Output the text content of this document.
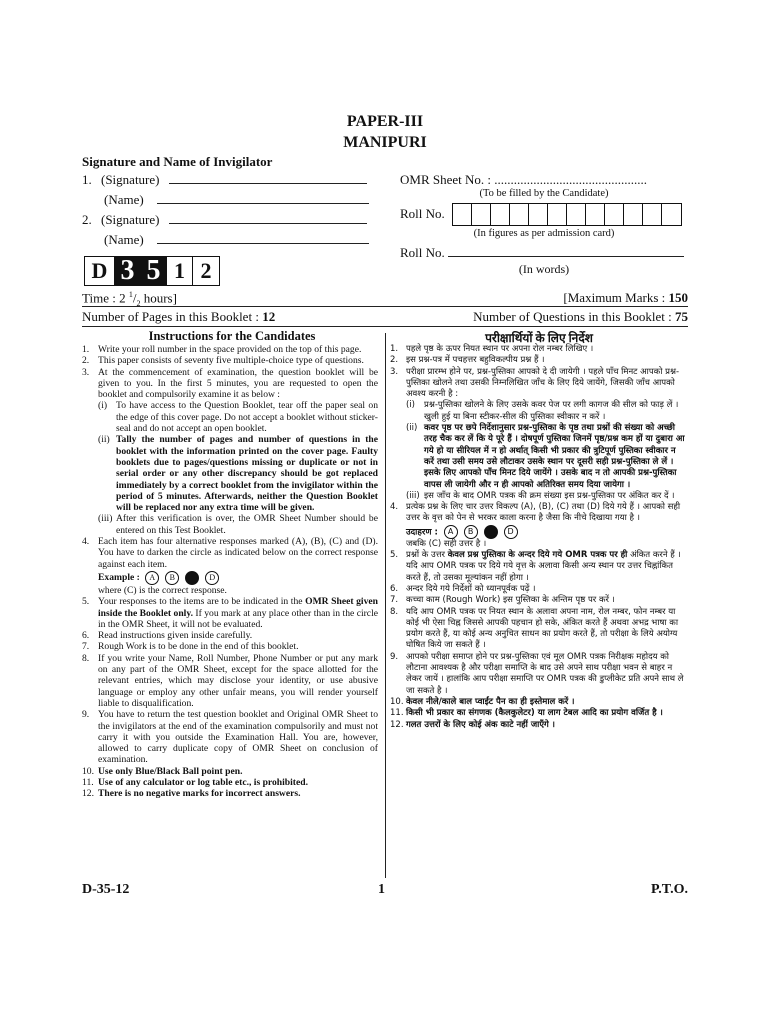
PAPER-III
MANIPURI
Signature and Name of Invigilator
1. (Signature)
(Name)
2. (Signature)
(Name)
OMR Sheet No. : ...............................................
(To be filled by the Candidate)
Roll No.
(In figures as per admission card)
Roll No.
(In words)
D 3 5 1 2
Time : 2 $^1/_2$ hours]	[Maximum Marks : 150
Number of Pages in this Booklet : 12	Number of Questions in this Booklet : 75
Instructions for the Candidates	परीक्षार्थियों के लिए निर्देश
1. Write your roll number in the space provided on the top of this page.
2. This paper consists of seventy five multiple-choice type of questions.
3. At the commencement of examination, the question booklet will be given to you. In the first 5 minutes, you are requested to open the booklet and compulsorily examine it as below :
(i) To have access to the Question Booklet, tear off the paper seal on the edge of this cover page. Do not accept a booklet without sticker-seal and do not accept an open booklet.
(ii) Tally the number of pages and number of questions in the booklet with the information printed on the cover page. Faulty booklets due to pages/questions missing or duplicate or not in serial order or any other discrepancy should be got replaced immediately by a correct booklet from the invigilator within the period of 5 minutes. Afterwards, neither the Question Booklet will be replaced nor any extra time will be given.
(iii) After this verification is over, the OMR Sheet Number should be entered on this Test Booklet.
4. Each item has four alternative responses marked (A), (B), (C) and (D). You have to darken the circle as indicated below on the correct response against each item.
Example : A B	D
where (C) is the correct response.
5. Your responses to the items are to be indicated in the OMR Sheet given inside the Booklet only. If you mark at any place other than in the circle in the OMR Sheet, it will not be evaluated.
6. Read instructions given inside carefully.
7. Rough Work is to be done in the end of this booklet.
8. If you write your Name, Roll Number, Phone Number or put any mark on any part of the OMR Sheet, except for the space allotted for the relevant entries, which may disclose your identity, or use abusive language or employ any other unfair means, you will render yourself liable to disqualification.
9. You have to return the test question booklet and Original OMR Sheet to the invigilators at the end of the examination compulsorily and must not carry it with you outside the Examination Hall. You are, however, allowed to carry duplicate copy of OMR Sheet on conclusion of examination.
10. Use only Blue/Black Ball point pen.
11. Use of any calculator or log table etc., is prohibited.
12. There is no negative marks for incorrect answers.
1. पहले पृष्ठ के ऊपर नियत स्थान पर अपना रोल नम्बर लिखिए ।
2. इस प्रश्न-पत्र में पचहत्तर बहुविकल्पीय प्रश्न हैं ।
3. परीक्षा प्रारम्भ होने पर, प्रश्न-पुस्तिका आपको दे दी जायेगी । पहले पाँच मिनट आपको प्रश्न-पुस्तिका खोलने तथा उसकी निम्नलिखित जाँच के लिए दिये जायेंगे, जिसकी जाँच आपको अवश्य करनी है :
(i) प्रश्न-पुस्तिका खोलने के लिए उसके कवर पेज पर लगी कागज की सील को फाड़ लें । खुली हुई या बिना स्टीकर-सील की पुस्तिका स्वीकार न करें ।
(ii) कवर पृष्ठ पर छपे निर्देशानुसार प्रश्न-पुस्तिका के पृष्ठ तथा प्रश्नों की संख्या को अच्छी तरह चैक कर लें कि ये पूरे हैं । दोषपूर्ण पुस्तिका जिनमें पृष्ठ/प्रश्न कम हों या दुबारा आ गये हो या सीरियल में न हो अर्थात् किसी भी प्रकार की त्रुटिपूर्ण पुस्तिका स्वीकार न करें तथा उसी समय उसे लौटाकर उसके स्थान पर दूसरी सही प्रश्न-पुस्तिका ले लें । इसके लिए आपको पाँच मिनट दिये जायेंगे । उसके बाद न तो आपकी प्रश्न-पुस्तिका वापस ली जायेगी और न ही आपको अतिरिक्त समय दिया जायेगा ।
(iii) इस जाँच के बाद OMR पत्रक की क्रम संख्या इस प्रश्न-पुस्तिका पर अंकित कर दें ।
4. प्रत्येक प्रश्न के लिए चार उत्तर विकल्प (A), (B), (C) तथा (D) दिये गये हैं । आपको सही उत्तर के वृत्त को पेन से भरकर काला करना है जैसा कि नीचे दिखाया गया है ।
उदाहरण : A B	D
जबकि (C) सही उत्तर है ।
5. प्रश्नों के उत्तर केवल प्रश्न पुस्तिका के अन्दर दिये गये OMR पत्रक पर ही अंकित करने हैं । यदि आप OMR पत्रक पर दिये गये वृत्त के अलावा किसी अन्य स्थान पर उत्तर चिह्नांकित करते हैं, तो उसका मूल्यांकन नहीं होगा ।
6. अन्दर दिये गये निर्देशों को ध्यानपूर्वक पढ़ें ।
7. कच्चा काम (Rough Work) इस पुस्तिका के अन्तिम पृष्ठ पर करें ।
8. यदि आप OMR पत्रक पर नियत स्थान के अलावा अपना नाम, रोल नम्बर, फोन नम्बर या कोई भी ऐसा चिह्न जिससे आपकी पहचान हो सके, अंकित करते हैं अथवा अभद्र भाषा का प्रयोग करते हैं, या कोई अन्य अनुचित साधन का प्रयोग करते हैं, तो परीक्षा के लिये अयोग्य घोषित किये जा सकते हैं ।
9. आपको परीक्षा समाप्त होने पर प्रश्न-पुस्तिका एवं मूल OMR पत्रक निरीक्षक महोदय को लौटाना आवश्यक है और परीक्षा समाप्ति के बाद उसे अपने साथ परीक्षा भवन से बाहर न लेकर जायें । हालांकि आप परीक्षा समाप्ति पर OMR पत्रक की डुप्लीकेट प्रति अपने साथ ले जा सकते है ।
10. केवल नीले/काले बाल प्वाईंट पैन का ही इस्तेमाल करें ।
11. किसी भी प्रकार का संगणक (कैलकुलेटर) या लाग टेबल आदि का प्रयोग वर्जित है ।
12. गलत उत्तरों के लिए कोई अंक काटे नहीं जाएँगे ।
D-35-12	1	P.T.O.
